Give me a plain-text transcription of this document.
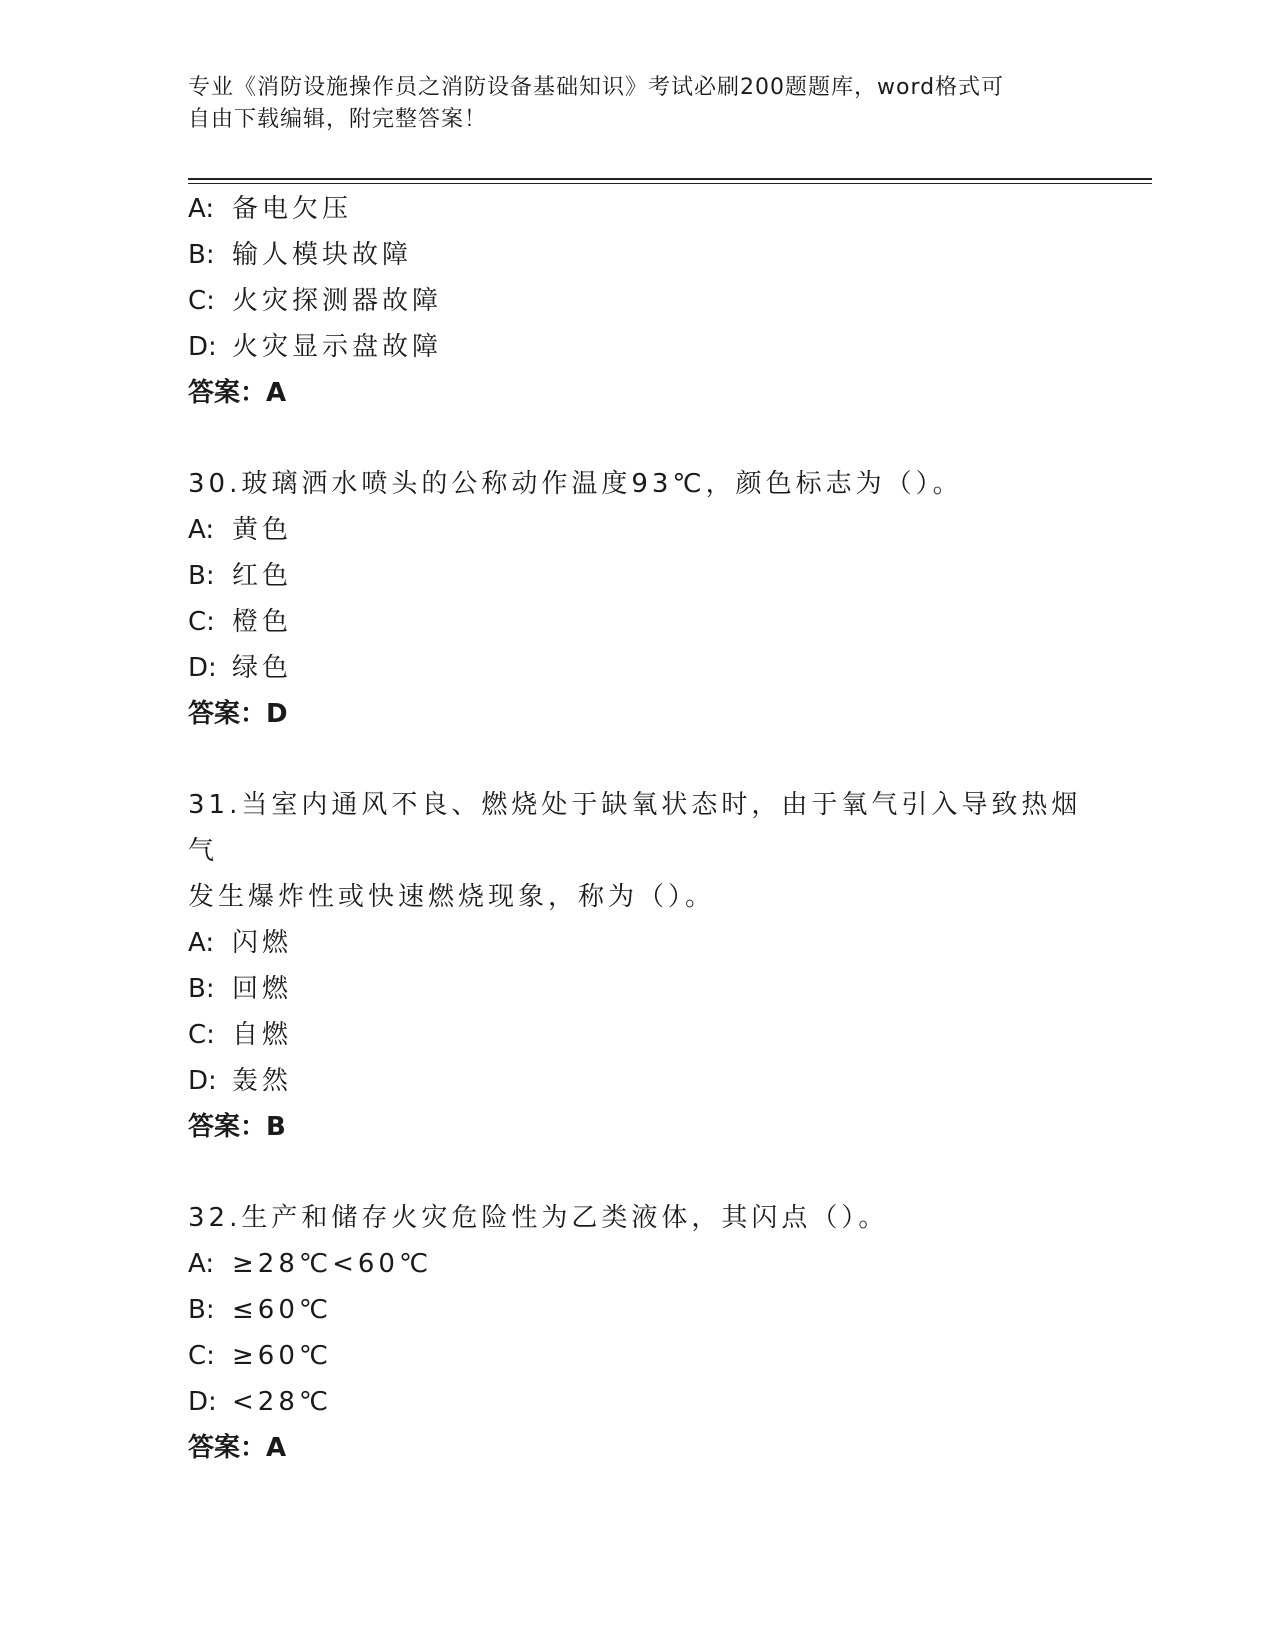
专业《消防设施操作员之消防设备基础知识》考试必刷200题题库，word格式可
自由下载编辑，附完整答案！
A: 备电欠压
B: 输人模块故障
C: 火灾探测器故障
D: 火灾显示盘故障
答案：A
30.玻璃洒水喷头的公称动作温度93℃，颜色标志为（）。
A: 黄色
B: 红色
C: 橙色
D: 绿色
答案：D
31.当室内通风不良、燃烧处于缺氧状态时，由于氧气引入导致热烟气
发生爆炸性或快速燃烧现象，称为（）。
A: 闪燃
B: 回燃
C: 自燃
D: 轰然
答案：B
32.生产和储存火灾危险性为乙类液体，其闪点（）。
A: ≥28℃<60℃
B: ≤60℃
C: ≥60℃
D: <28℃
答案：A
